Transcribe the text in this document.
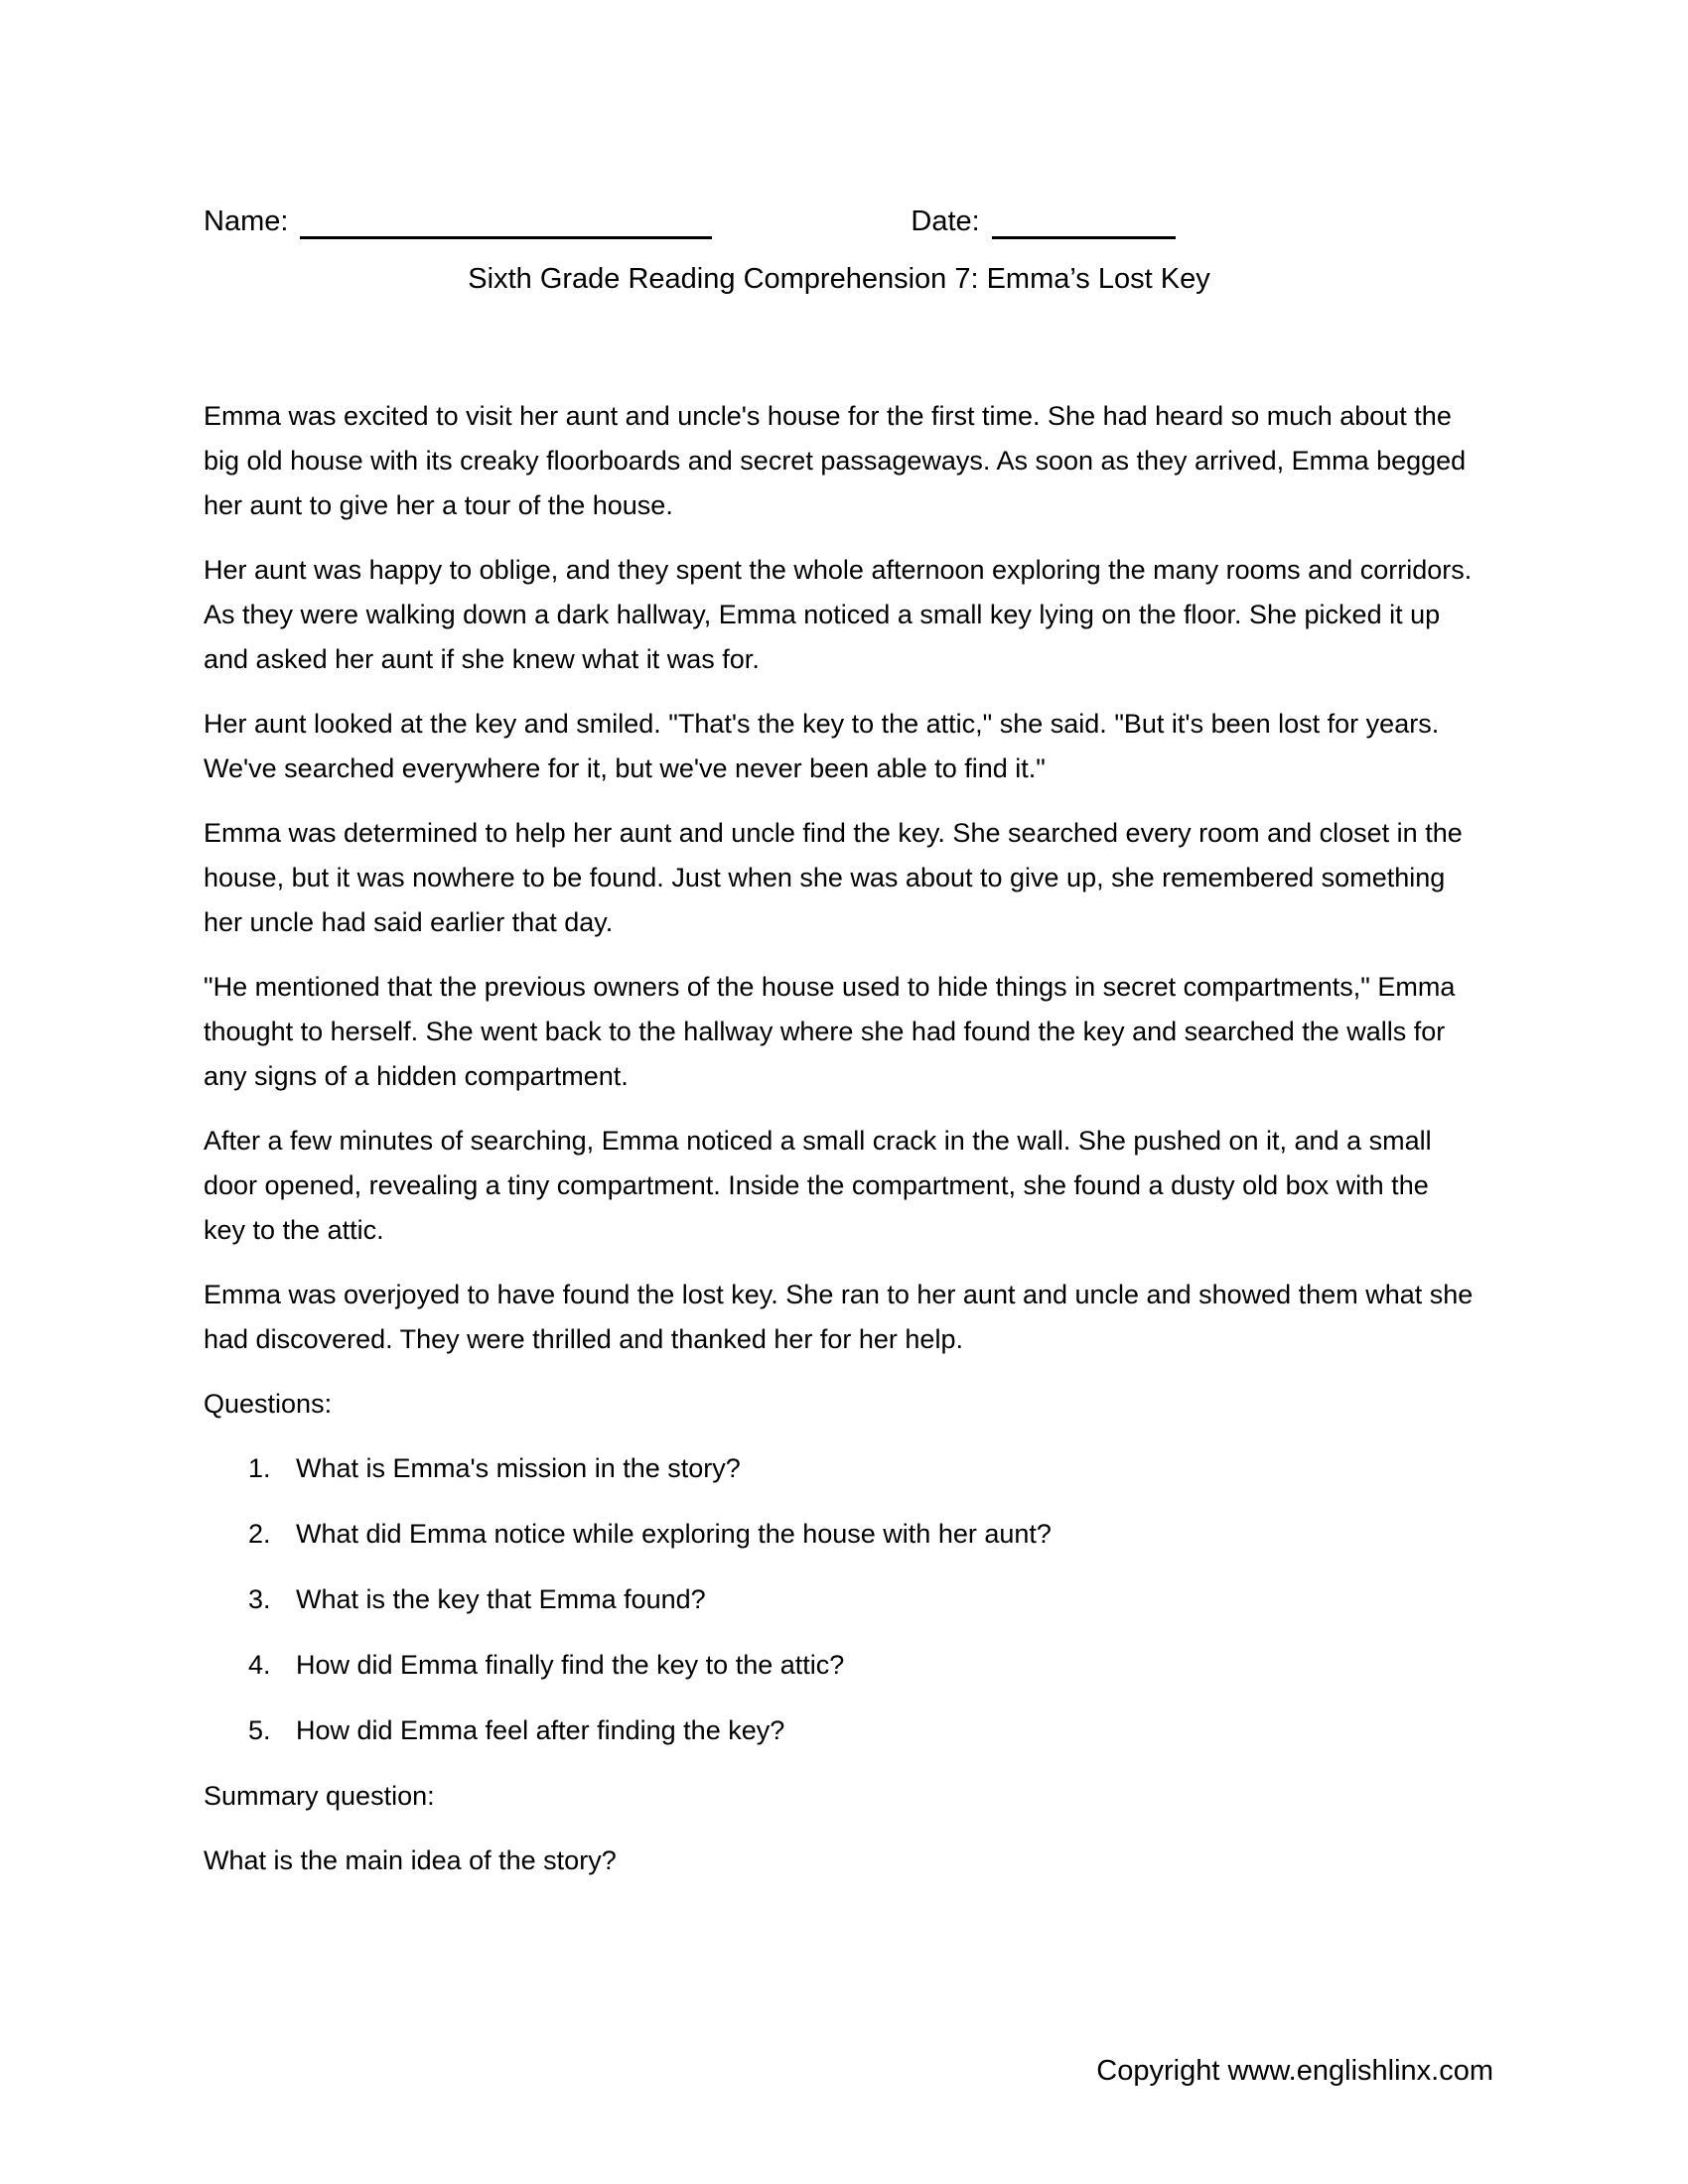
Name:	Date:
Sixth Grade Reading Comprehension 7: Emma’s Lost Key

Emma was excited to visit her aunt and uncle's house for the first time. She had heard so much about the big old house with its creaky floorboards and secret passageways. As soon as they arrived, Emma begged her aunt to give her a tour of the house.

Her aunt was happy to oblige, and they spent the whole afternoon exploring the many rooms and corridors. As they were walking down a dark hallway, Emma noticed a small key lying on the floor. She picked it up and asked her aunt if she knew what it was for.

Her aunt looked at the key and smiled. "That's the key to the attic," she said. "But it's been lost for years. We've searched everywhere for it, but we've never been able to find it."

Emma was determined to help her aunt and uncle find the key. She searched every room and closet in the house, but it was nowhere to be found. Just when she was about to give up, she remembered something her uncle had said earlier that day.

"He mentioned that the previous owners of the house used to hide things in secret compartments," Emma thought to herself. She went back to the hallway where she had found the key and searched the walls for any signs of a hidden compartment.

After a few minutes of searching, Emma noticed a small crack in the wall. She pushed on it, and a small door opened, revealing a tiny compartment. Inside the compartment, she found a dusty old box with the key to the attic.

Emma was overjoyed to have found the lost key. She ran to her aunt and uncle and showed them what she had discovered. They were thrilled and thanked her for her help.

Questions:
1. What is Emma's mission in the story?
2. What did Emma notice while exploring the house with her aunt?
3. What is the key that Emma found?
4. How did Emma finally find the key to the attic?
5. How did Emma feel after finding the key?
Summary question:

What is the main idea of the story?

Copyright www.englishlinx.com
